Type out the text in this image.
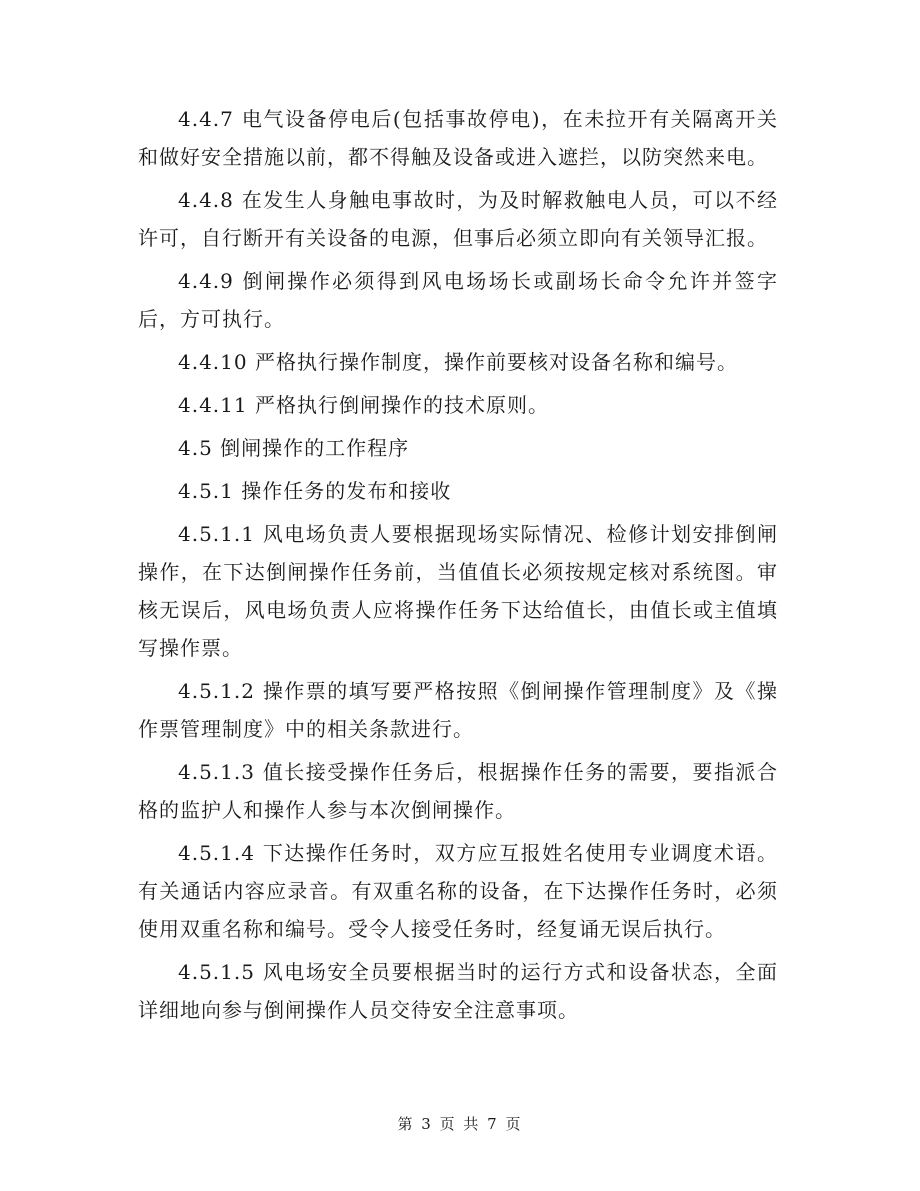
4.4.7 电气设备停电后(包括事故停电)，在未拉开有关隔离开关和做好安全措施以前，都不得触及设备或进入遮拦，以防突然来电。

4.4.8 在发生人身触电事故时，为及时解救触电人员，可以不经许可，自行断开有关设备的电源，但事后必须立即向有关领导汇报。

4.4.9 倒闸操作必须得到风电场场长或副场长命令允许并签字后，方可执行。

4.4.10 严格执行操作制度，操作前要核对设备名称和编号。

4.4.11 严格执行倒闸操作的技术原则。

4.5 倒闸操作的工作程序

4.5.1 操作任务的发布和接收

4.5.1.1 风电场负责人要根据现场实际情况、检修计划安排倒闸操作，在下达倒闸操作任务前，当值值长必须按规定核对系统图。审核无误后，风电场负责人应将操作任务下达给值长，由值长或主值填写操作票。

4.5.1.2 操作票的填写要严格按照《倒闸操作管理制度》及《操作票管理制度》中的相关条款进行。

4.5.1.3 值长接受操作任务后，根据操作任务的需要，要指派合格的监护人和操作人参与本次倒闸操作。

4.5.1.4 下达操作任务时，双方应互报姓名使用专业调度术语。有关通话内容应录音。有双重名称的设备，在下达操作任务时，必须使用双重名称和编号。受令人接受任务时，经复诵无误后执行。

4.5.1.5 风电场安全员要根据当时的运行方式和设备状态，全面详细地向参与倒闸操作人员交待安全注意事项。

第 3 页 共 7 页
